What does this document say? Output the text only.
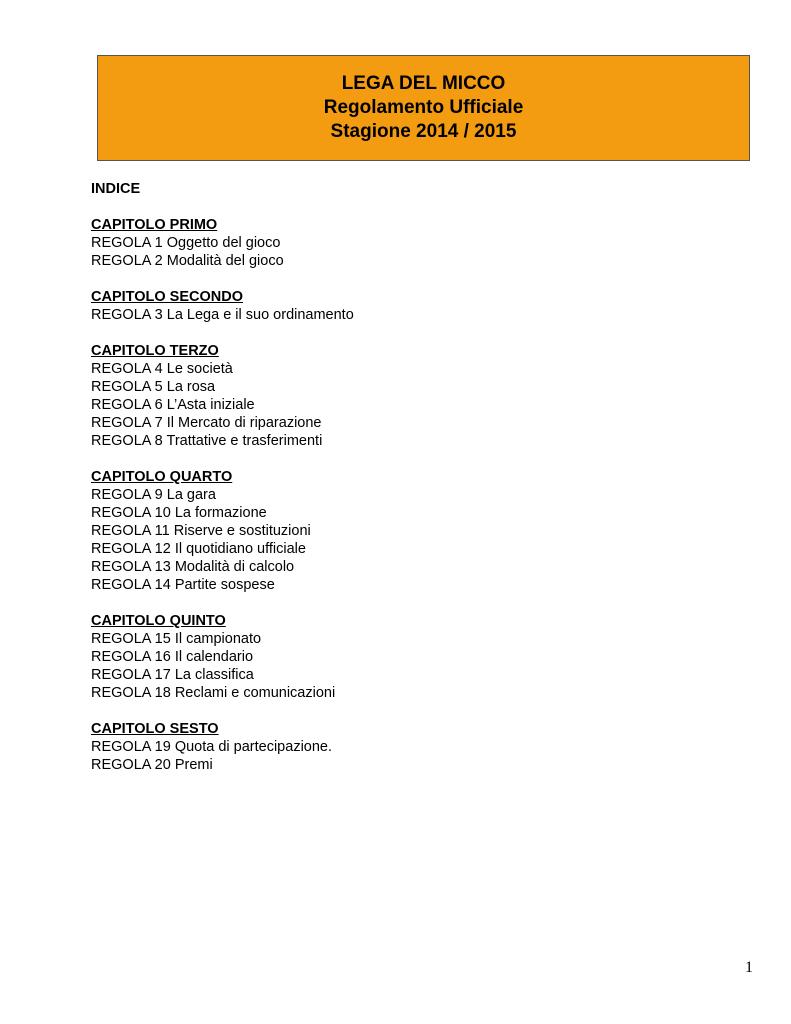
LEGA DEL MICCO
Regolamento Ufficiale
Stagione 2014 / 2015
INDICE
CAPITOLO PRIMO
REGOLA 1 Oggetto del gioco
REGOLA 2 Modalità del gioco
CAPITOLO SECONDO
REGOLA 3 La Lega e il suo ordinamento
CAPITOLO TERZO
REGOLA 4 Le società
REGOLA 5 La rosa
REGOLA 6 L’Asta iniziale
REGOLA 7 Il Mercato di riparazione
REGOLA 8 Trattative e trasferimenti
CAPITOLO QUARTO
REGOLA 9 La gara
REGOLA 10 La formazione
REGOLA 11 Riserve e sostituzioni
REGOLA 12 Il quotidiano ufficiale
REGOLA 13 Modalità di calcolo
REGOLA 14 Partite sospese
CAPITOLO QUINTO
REGOLA 15 Il campionato
REGOLA 16 Il calendario
REGOLA 17 La classifica
REGOLA 18 Reclami e comunicazioni
CAPITOLO SESTO
REGOLA 19 Quota di partecipazione.
REGOLA 20 Premi
1
